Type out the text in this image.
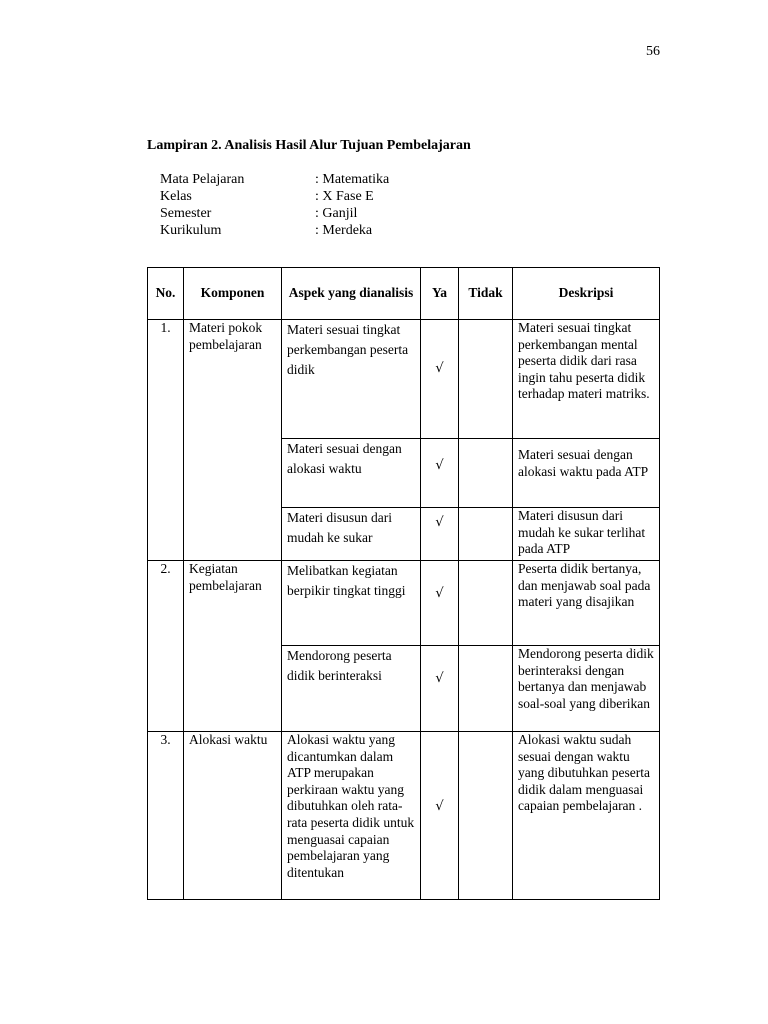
56
Lampiran 2. Analisis Hasil Alur Tujuan Pembelajaran
Mata Pelajaran	: Matematika
Kelas	: X Fase E
Semester	: Ganjil
Kurikulum	: Merdeka
No.	Komponen	Aspek yang dianalisis	Ya	Tidak	Deskripsi
1.	Materi pokok pembelajaran	Materi sesuai tingkat perkembangan peserta didik	√		Materi sesuai tingkat perkembangan mental peserta didik dari rasa ingin tahu peserta didik terhadap materi matriks.
		Materi sesuai dengan alokasi waktu	√		Materi sesuai dengan alokasi waktu pada ATP
		Materi disusun dari mudah ke sukar	√		Materi disusun dari mudah ke sukar terlihat pada ATP
2.	Kegiatan pembelajaran	Melibatkan kegiatan berpikir tingkat tinggi	√		Peserta didik bertanya, dan menjawab soal pada materi yang disajikan
		Mendorong peserta didik berinteraksi	√		Mendorong peserta didik berinteraksi dengan bertanya dan menjawab soal-soal yang diberikan
3.	Alokasi waktu	Alokasi waktu yang dicantumkan dalam ATP merupakan perkiraan waktu yang dibutuhkan oleh rata-rata peserta didik untuk menguasai capaian pembelajaran yang ditentukan	√		Alokasi waktu sudah sesuai dengan waktu yang dibutuhkan peserta didik dalam menguasai capaian pembelajaran .
